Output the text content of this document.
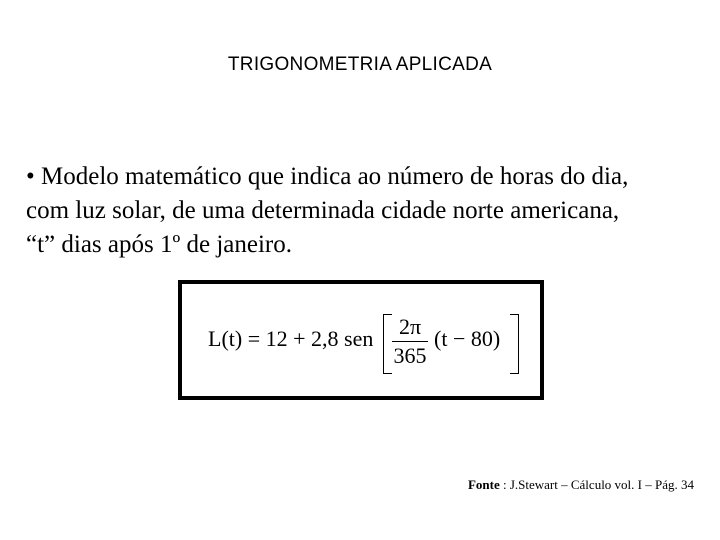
TRIGONOMETRIA APLICADA
• Modelo matemático que indica ao número de horas do dia,
com luz solar, de uma determinada cidade norte americana,
“t” dias após 1º de janeiro.
L(t) = 12 + 2,8 sen	2π
365
(t − 80)
Fonte : J.Stewart – Cálculo vol. I – Pág. 34
